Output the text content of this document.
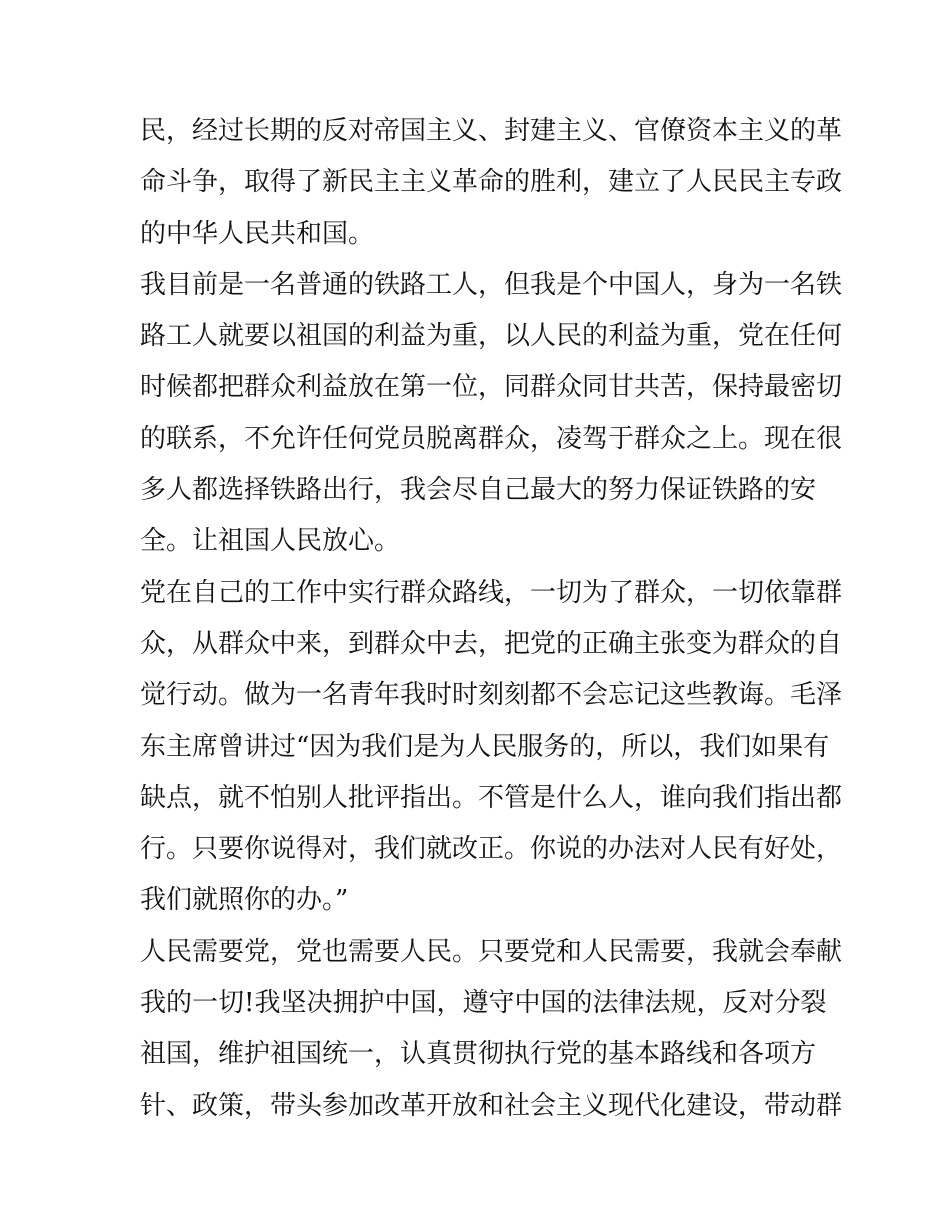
民，经过长期的反对帝国主义、封建主义、官僚资本主义的革
命斗争，取得了新民主主义革命的胜利，建立了人民民主专政
的中华人民共和国。
我目前是一名普通的铁路工人，但我是个中国人，身为一名铁
路工人就要以祖国的利益为重，以人民的利益为重，党在任何
时候都把群众利益放在第一位，同群众同甘共苦，保持最密切
的联系，不允许任何党员脱离群众，凌驾于群众之上。现在很
多人都选择铁路出行，我会尽自己最大的努力保证铁路的安
全。让祖国人民放心。
党在自己的工作中实行群众路线，一切为了群众，一切依靠群
众，从群众中来，到群众中去，把党的正确主张变为群众的自
觉行动。做为一名青年我时时刻刻都不会忘记这些教诲。毛泽
东主席曾讲过“因为我们是为人民服务的，所以，我们如果有
缺点，就不怕别人批评指出。不管是什么人，谁向我们指出都
行。只要你说得对，我们就改正。你说的办法对人民有好处，
我们就照你的办。”
人民需要党，党也需要人民。只要党和人民需要，我就会奉献
我的一切!我坚决拥护中国，遵守中国的法律法规，反对分裂
祖国，维护祖国统一，认真贯彻执行党的基本路线和各项方
针、政策，带头参加改革开放和社会主义现代化建设，带动群
